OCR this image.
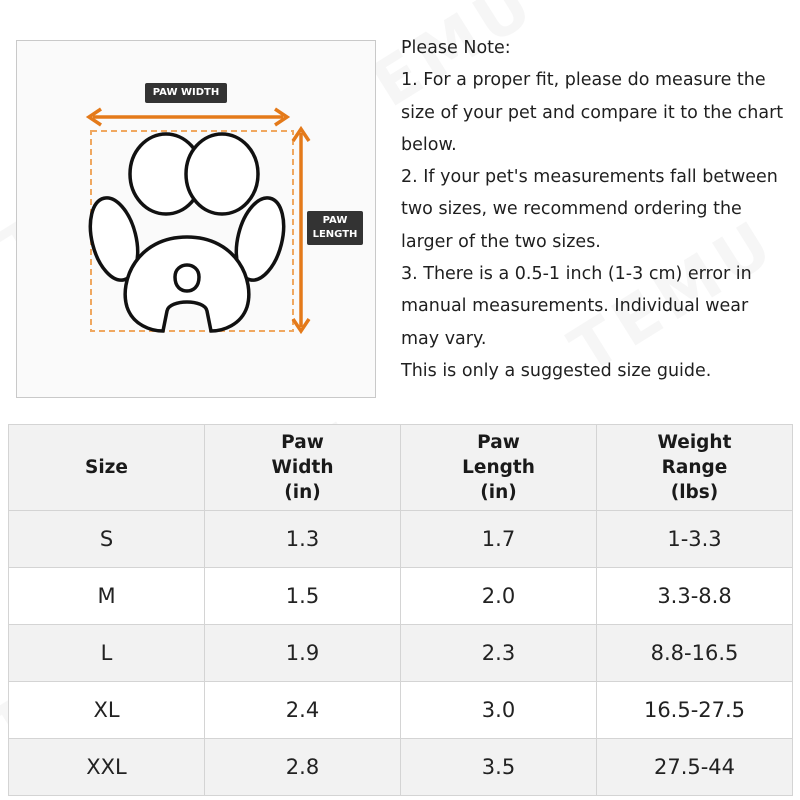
PAW WIDTH
PAW
LENGTH

Please Note:

1. For a proper fit, please do measure the

size of your pet and compare it to the chart

below.

2. If your pet's measurements fall between

two sizes, we recommend ordering the

larger of the two sizes.

3. There is a 0.5-1 inch (1-3 cm) error in

manual measurements. Individual wear

may vary.

This is only a suggested size guide.

Size	Paw
Width
(in)	Paw
Length
(in)	Weight
Range
(lbs)

S	1.3	1.7	1-3.3
M	1.5	2.0	3.3-8.8
L	1.9	2.3	8.8-16.5
XL	2.4	3.0	16.5-27.5
XXL	2.8	3.5	27.5-44
